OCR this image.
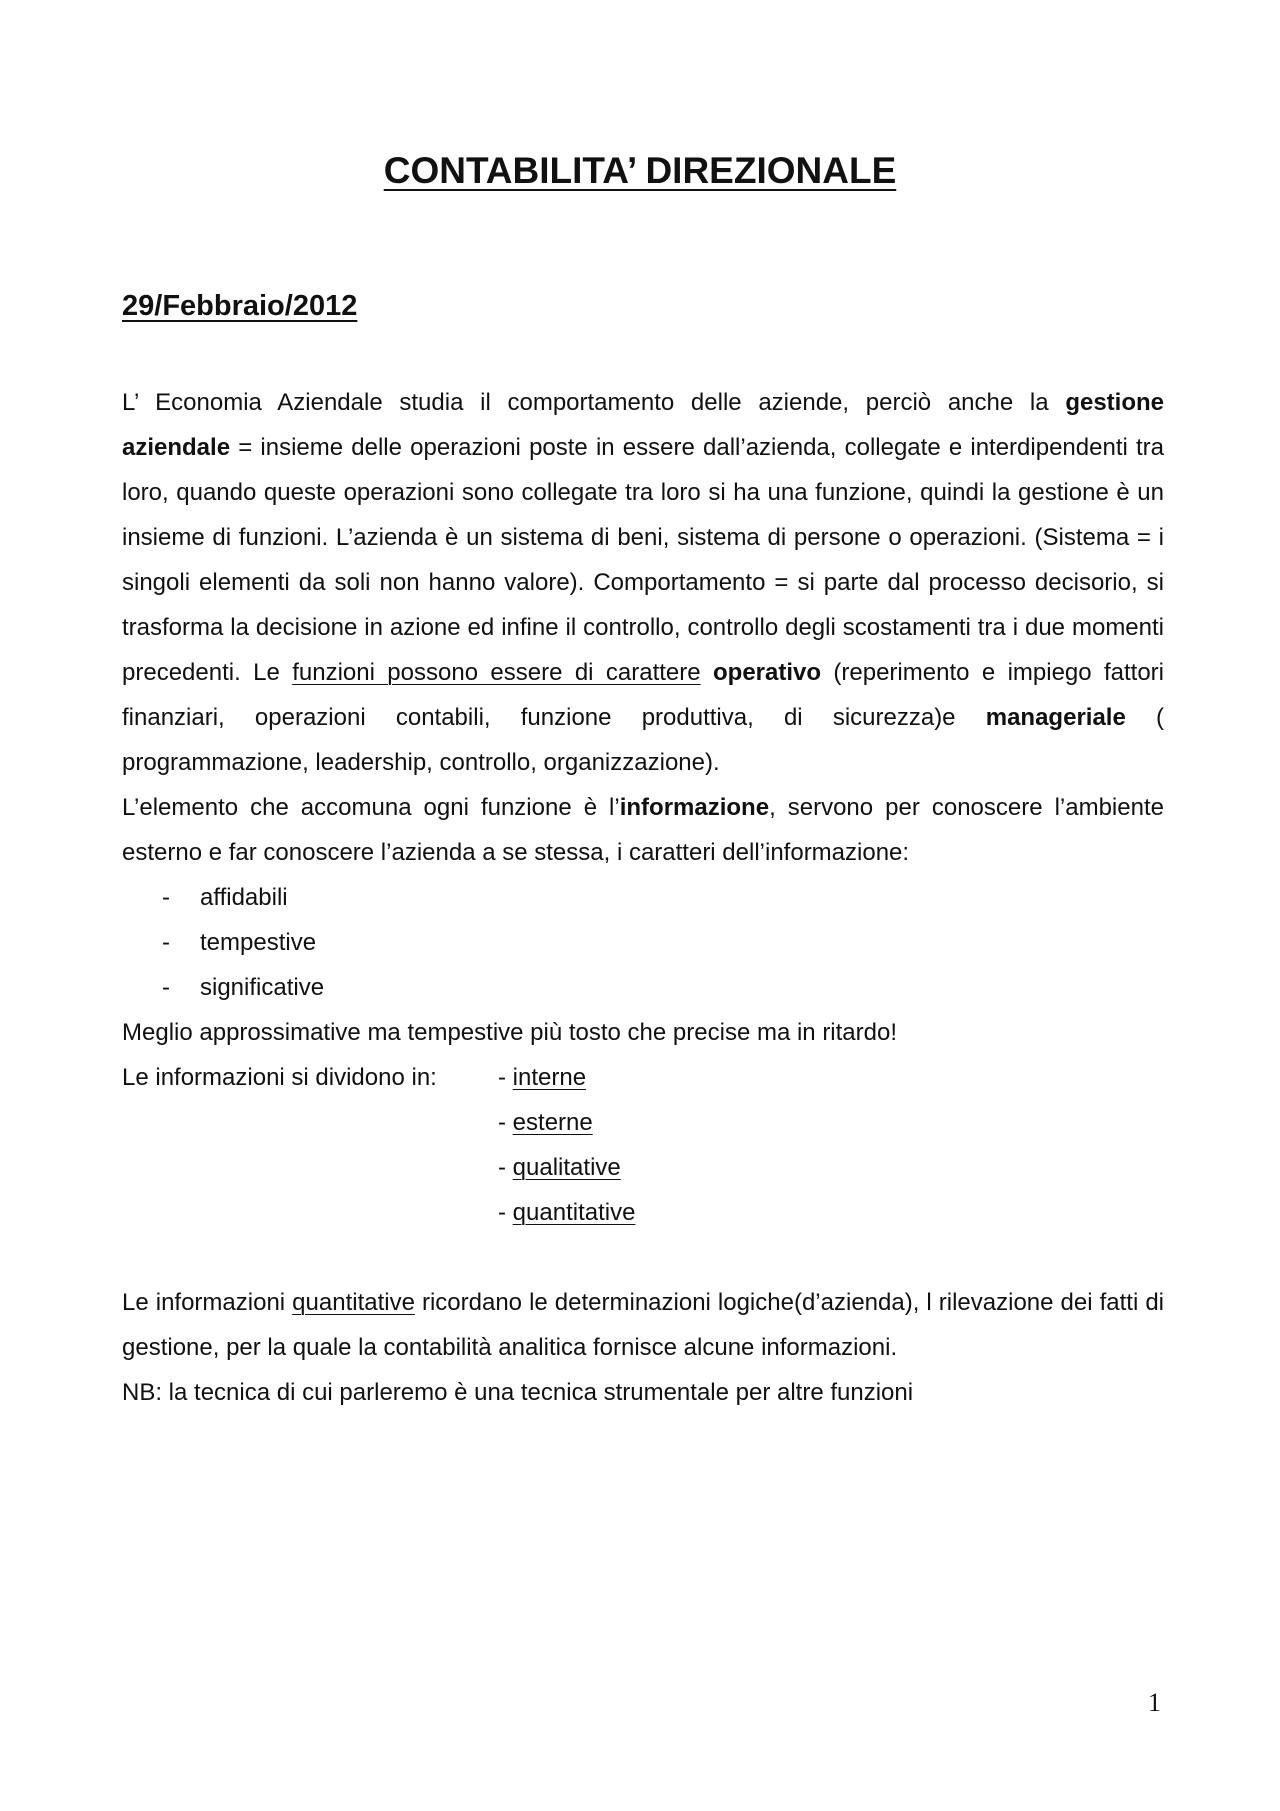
CONTABILITA’ DIREZIONALE
29/Febbraio/2012

L’ Economia Aziendale studia il comportamento delle aziende, perciò anche la gestione aziendale = insieme delle operazioni poste in essere dall’azienda, collegate e interdipendenti tra loro, quando queste operazioni sono collegate tra loro si ha una funzione, quindi la gestione è un insieme di funzioni. L’azienda è un sistema di beni, sistema di persone o operazioni. (Sistema = i singoli elementi da soli non hanno valore). Comportamento = si parte dal processo decisorio, si trasforma la decisione in azione ed infine il controllo, controllo degli scostamenti tra i due momenti precedenti. Le funzioni possono essere di carattere operativo (reperimento e impiego fattori finanziari, operazioni contabili, funzione produttiva, di sicurezza)e manageriale ( programmazione, leadership, controllo, organizzazione).

L’elemento che accomuna ogni funzione è l’informazione, servono per conoscere l’ambiente esterno e far conoscere l’azienda a se stessa, i caratteri dell’informazione:

- affidabili
- tempestive
- significative

Meglio approssimative ma tempestive più tosto che precise ma in ritardo!

Le informazioni si dividono in:	- interne
- esterne
- qualitative
- quantitative

Le informazioni quantitative ricordano le determinazioni logiche(d’azienda), l rilevazione dei fatti di gestione, per la quale la contabilità analitica fornisce alcune informazioni.

NB: la tecnica di cui parleremo è una tecnica strumentale per altre funzioni

1
